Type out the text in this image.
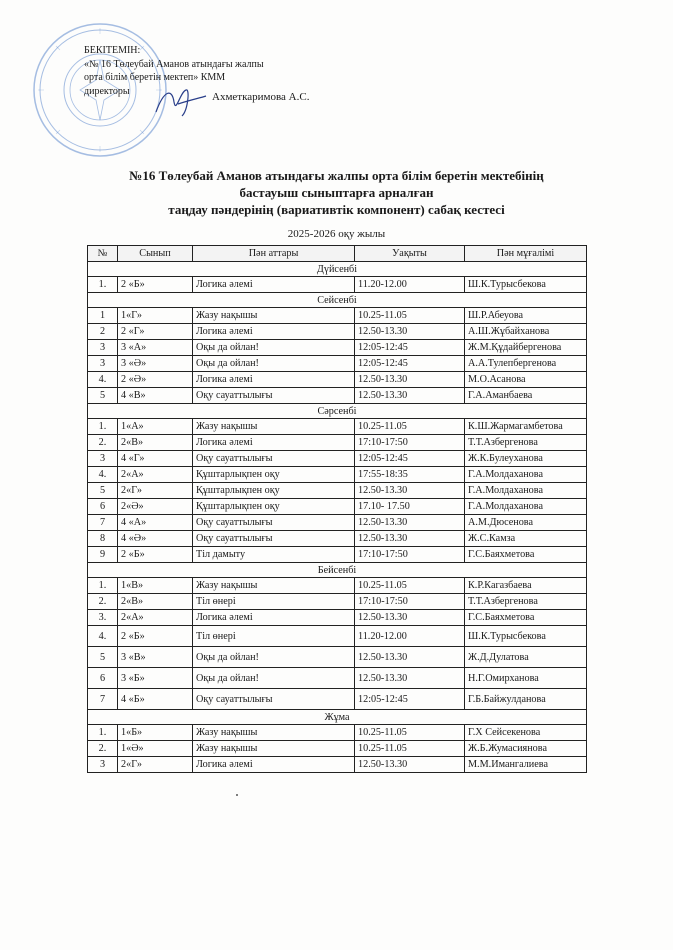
БЕКІТЕМІН:
«№ 16 Төлеубай Аманов атындағы жалпы
орта білім беретін мектеп» КММ
директоры	Ахметкаримова А.С.
№16 Төлеубай Аманов атындағы жалпы орта білім беретін мектебінің
бастауыш сыныптарға арналған
таңдау пәндерінің (вариативтік компонент) сабақ кестесі
2025-2026 оқу жылы
№	Сынып	Пән аттары	Уақыты	Пән мұғалімі
Дүйсенбі				
1.	2 «Б»	Логика әлемі	11.20-12.00	Ш.К.Турысбекова
Сейсенбі				
1	1«Г»	Жазу нақышы	10.25-11.05	Ш.Р.Абеуова
2	2 «Г»	Логика әлемі	12.50-13.30	А.Ш.Жұбайханова
3	3 «А»	Оқы да ойлан!	12:05-12:45	Ж.М.Құдайбергенова
3	3 «Ә»	Оқы да ойлан!	12:05-12:45	А.А.Тулепбергенова
4.	2 «Ә»	Логика әлемі	12.50-13.30	М.О.Асанова
5	4 «В»	Оқу сауаттылығы	12.50-13.30	Г.А.Аманбаева
Сәрсенбі				
1.	1«А»	Жазу нақышы	10.25-11.05	К.Ш.Жармагамбетова
2.	2«В»	Логика әлемі	17:10-17:50	Т.Т.Азбергенова
3	4 «Г»	Оқу сауаттылығы	12:05-12:45	Ж.К.Булеуханова
4.	2«А»	Құштарлықпен оқу	17:55-18:35	Г.А.Молдаханова
5	2«Г»	Құштарлықпен оқу	12.50-13.30	Г.А.Молдаханова
6	2«Ә»	Құштарлықпен оқу	17.10- 17.50	Г.А.Молдаханова
7	4 «А»	Оқу сауаттылығы	12.50-13.30	А.М.Дюсенова
8	4 «Ә»	Оқу сауаттылығы	12.50-13.30	Ж.С.Камза
9	2 «Б»	Тіл дамыту	17:10-17:50	Г.С.Баяхметова
Бейсенбі				
1.	1«В»	Жазу нақышы	10.25-11.05	К.Р.Кагазбаева
2.	2«В»	Тіл өнері	17:10-17:50	Т.Т.Азбергенова
3.	2«А»	Логика әлемі	12.50-13.30	Г.С.Баяхметова
4.	2 «Б»	Тіл өнері	11.20-12.00	Ш.К.Турысбекова
5	3 «В»	Оқы да ойлан!	12.50-13.30	Ж.Д.Дулатова
6	3 «Б»	Оқы да ойлан!	12.50-13.30	Н.Г.Омирханова
7	4 «Б»	Оқу сауаттылығы	12:05-12:45	Г.Б.Байжулданова
Жұма				
1.	1«Б»	Жазу нақышы	10.25-11.05	Г.Х Сейсекенова
2.	1«Ә»	Жазу нақышы	10.25-11.05	Ж.Б.Жумасиянова
3	2«Г»	Логика әлемі	12.50-13.30	М.М.Имангалиева
